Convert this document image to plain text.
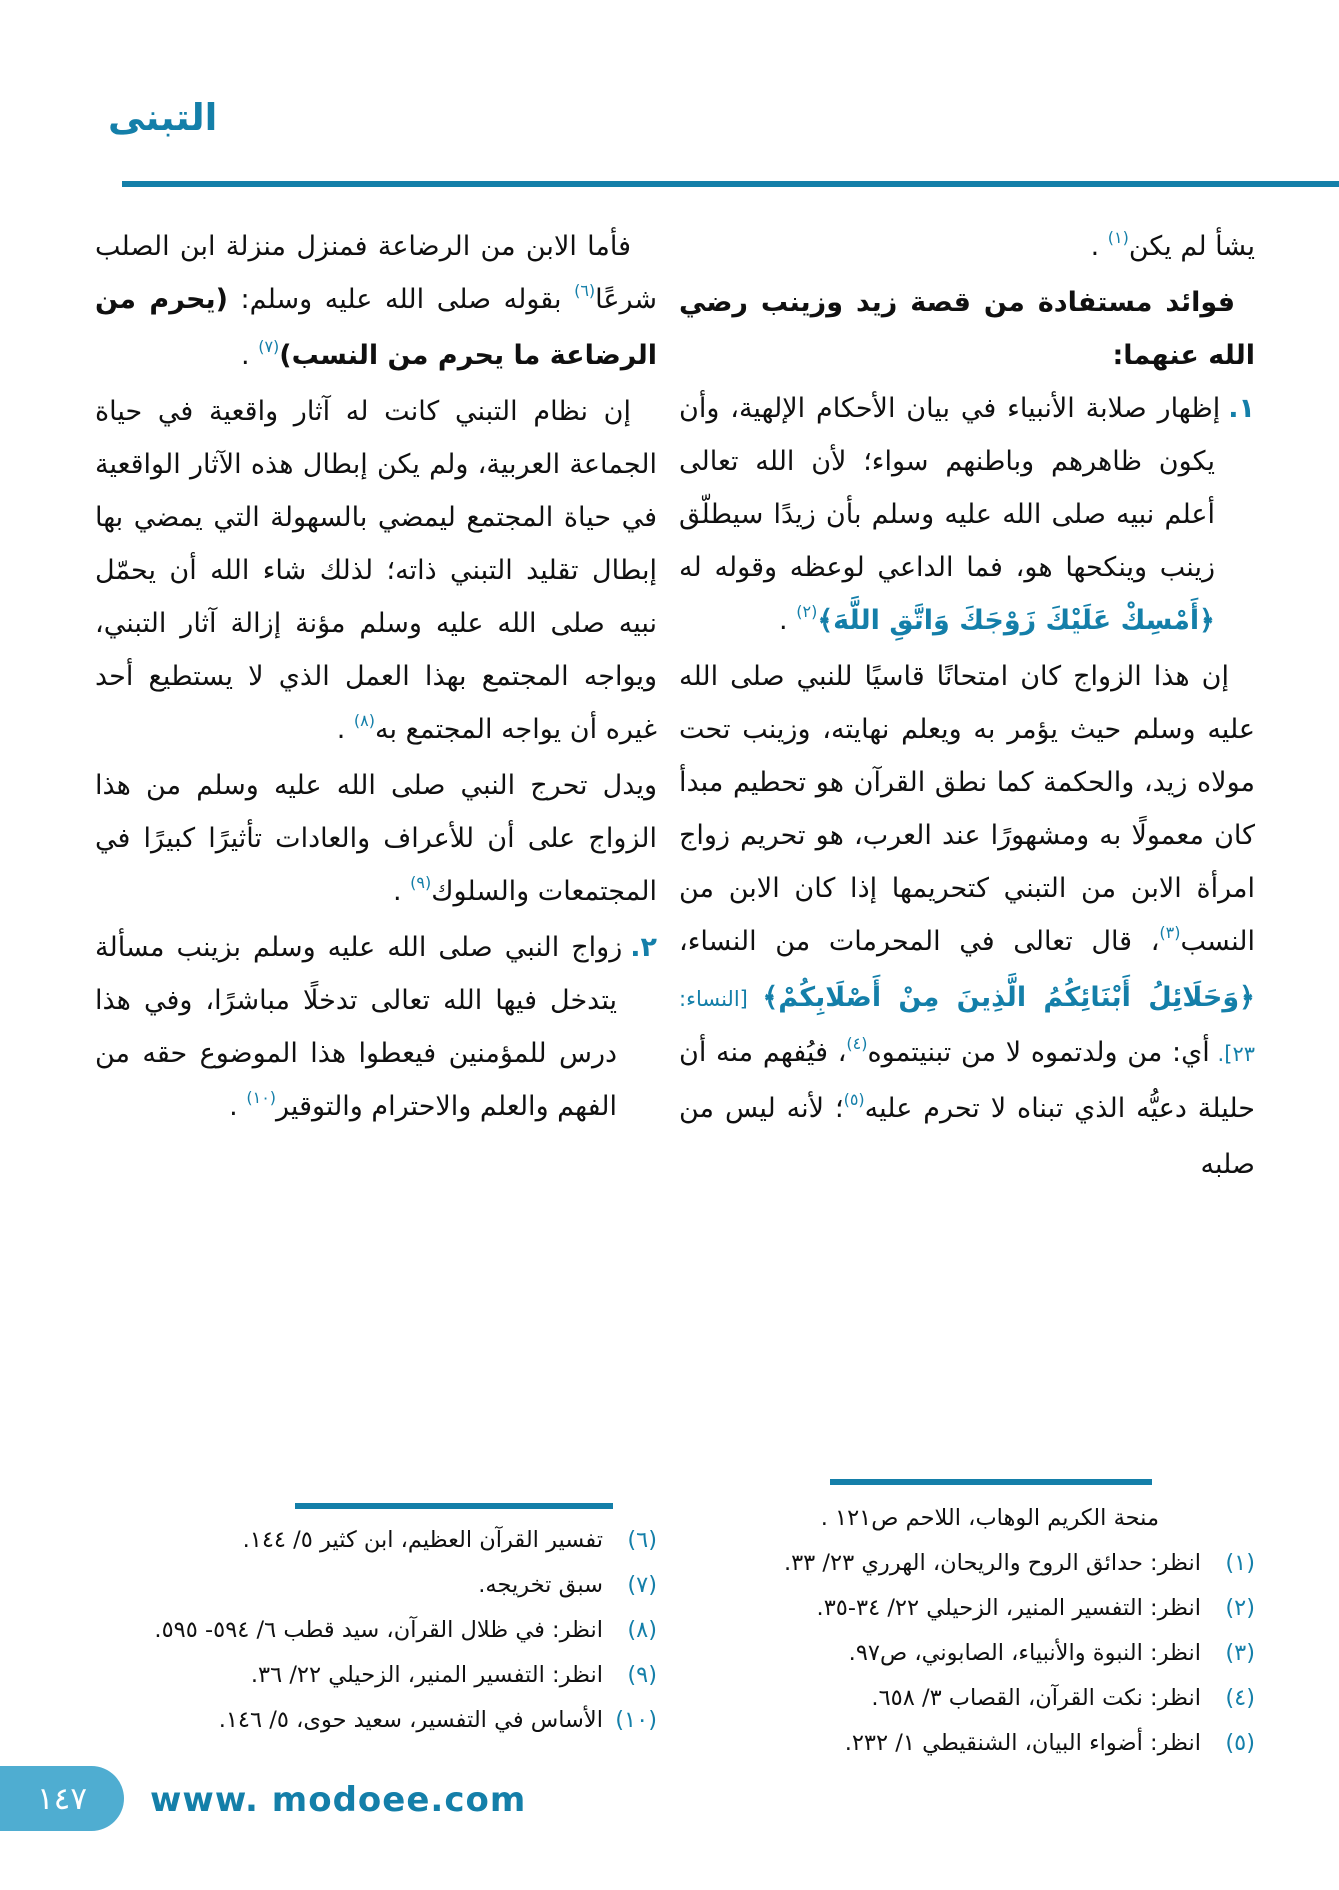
التبنى
يشأ لم يكن$^{(١)}$ .
فوائد مستفادة من قصة زيد وزينب رضي الله عنهما:
١.إظهار صلابة الأنبياء في بيان الأحكام الإلهية، وأن يكون ظاهرهم وباطنهم سواء؛ لأن الله تعالى أعلم نبيه صلى الله عليه وسلم بأن زيدًا سيطلّق زينب وينكحها هو، فما الداعي لوعظه وقوله له ﴿أَمْسِكْ عَلَيْكَ زَوْجَكَ وَاتَّقِ اللَّهَ﴾$^{(٢)}$ .
إن هذا الزواج كان امتحانًا قاسيًا للنبي صلى الله عليه وسلم حيث يؤمر به ويعلم نهايته، وزينب تحت مولاه زيد، والحكمة كما نطق القرآن هو تحطيم مبدأ كان معمولًا به ومشهورًا عند العرب، هو تحريم زواج امرأة الابن من التبني كتحريمها إذا كان الابن من النسب$^{(٣)}$، قال تعالى في المحرمات من النساء، ﴿وَحَلَائِلُ أَبْنَائِكُمُ الَّذِينَ مِنْ أَصْلَابِكُمْ﴾ [النساء: ٢٣]. أي: من ولدتموه لا من تبنيتموه$^{(٤)}$، فيُفهم منه أن حليلة دعيُّه الذي تبناه لا تحرم عليه$^{(٥)}$؛ لأنه ليس من صلبه
فأما الابن من الرضاعة فمنزل منزلة ابن الصلب شرعًا$^{(٦)}$ بقوله صلى الله عليه وسلم: (يحرم من الرضاعة ما يحرم من النسب)$^{(٧)}$ .
إن نظام التبني كانت له آثار واقعية في حياة الجماعة العربية، ولم يكن إبطال هذه الآثار الواقعية في حياة المجتمع ليمضي بالسهولة التي يمضي بها إبطال تقليد التبني ذاته؛ لذلك شاء الله أن يحمّل نبيه صلى الله عليه وسلم مؤنة إزالة آثار التبني، ويواجه المجتمع بهذا العمل الذي لا يستطيع أحد غيره أن يواجه المجتمع به$^{(٨)}$ .
ويدل تحرج النبي صلى الله عليه وسلم من هذا الزواج على أن للأعراف والعادات تأثيرًا كبيرًا في المجتمعات والسلوك$^{(٩)}$ .
٢.زواج النبي صلى الله عليه وسلم بزينب مسألة يتدخل فيها الله تعالى تدخلًا مباشرًا، وفي هذا درس للمؤمنين فيعطوا هذا الموضوع حقه من الفهم والعلم والاحترام والتوقير$^{(١٠)}$ .
منحة الكريم الوهاب، اللاحم ص١٢١ .
(١)
انظر: حدائق الروح والريحان، الهرري ٢٣/ ٣٣.
(٢)
انظر: التفسير المنير، الزحيلي ٢٢/ ٣٤-٣٥.
(٣)
انظر: النبوة والأنبياء، الصابوني، ص٩٧.
(٤)
انظر: نكت القرآن، القصاب ٣/ ٦٥٨.
(٥)
انظر: أضواء البيان، الشنقيطي ١/ ٢٣٢.
(٦)
تفسير القرآن العظيم، ابن كثير ٥/ ١٤٤.
(٧)
سبق تخريجه.
(٨)
انظر: في ظلال القرآن، سيد قطب ٦/ ٥٩٤- ٥٩٥.
(٩)
انظر: التفسير المنير، الزحيلي ٢٢/ ٣٦.
(١٠)
الأساس في التفسير، سعيد حوى، ٥/ ١٤٦.
١٤٧ www. modoee.com
